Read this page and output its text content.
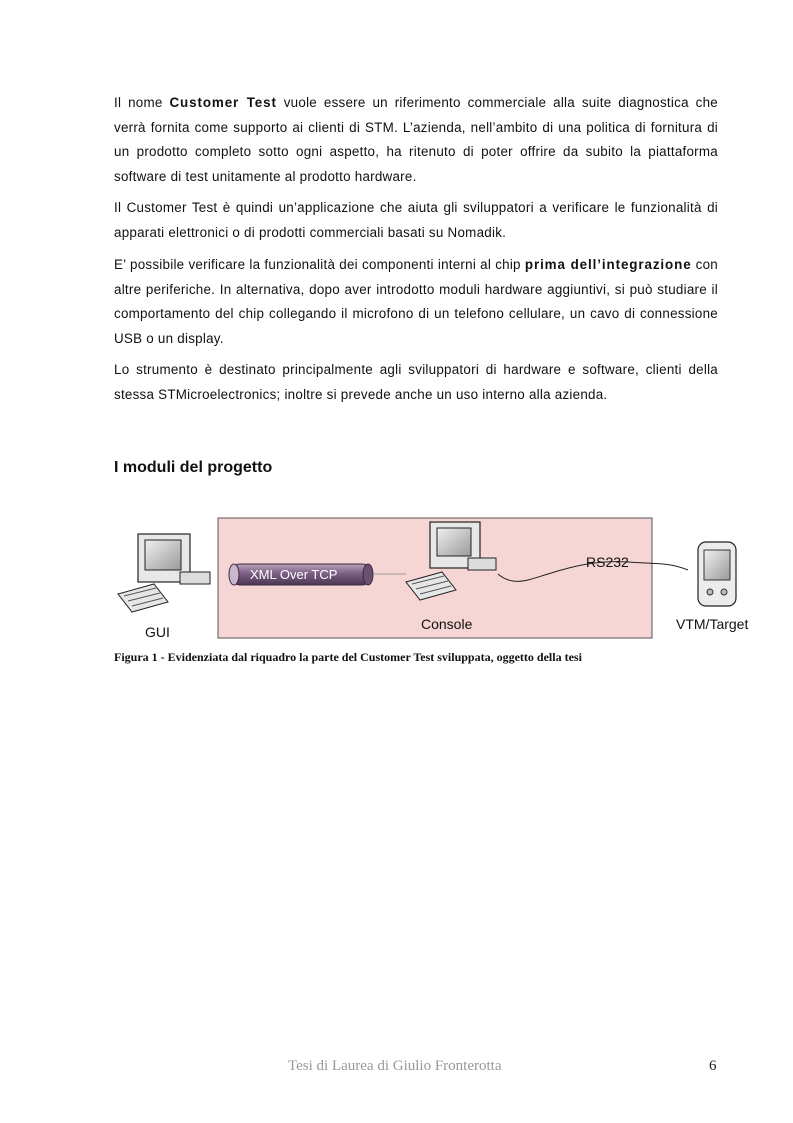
Il nome Customer Test vuole essere un riferimento commerciale alla suite diagnostica che verrà fornita come supporto ai clienti di STM. L’azienda, nell’ambito di una politica di fornitura di un prodotto completo sotto ogni aspetto, ha ritenuto di poter offrire da subito la piattaforma software di test unitamente al prodotto hardware.

Il Customer Test è quindi un’applicazione che aiuta gli sviluppatori a verificare le funzionalità di apparati elettronici o di prodotti commerciali basati su Nomadik.

E’ possibile verificare la funzionalità dei componenti interni al chip prima dell’integrazione con altre periferiche. In alternativa, dopo aver introdotto moduli hardware aggiuntivi, si può studiare il comportamento del chip collegando il microfono di un telefono cellulare, un cavo di connessione USB o un display.

Lo strumento è destinato principalmente agli sviluppatori di hardware e software, clienti della stessa STMicroelectronics; inoltre si prevede anche un uso interno alla azienda.

I moduli del progetto
GUI
XML Over TCP
Console
RS232
VTM/Target
Figura 1 - Evidenziata dal riquadro la parte del Customer Test sviluppata, oggetto della tesi
Tesi di Laurea di Giulio Fronterotta	6
